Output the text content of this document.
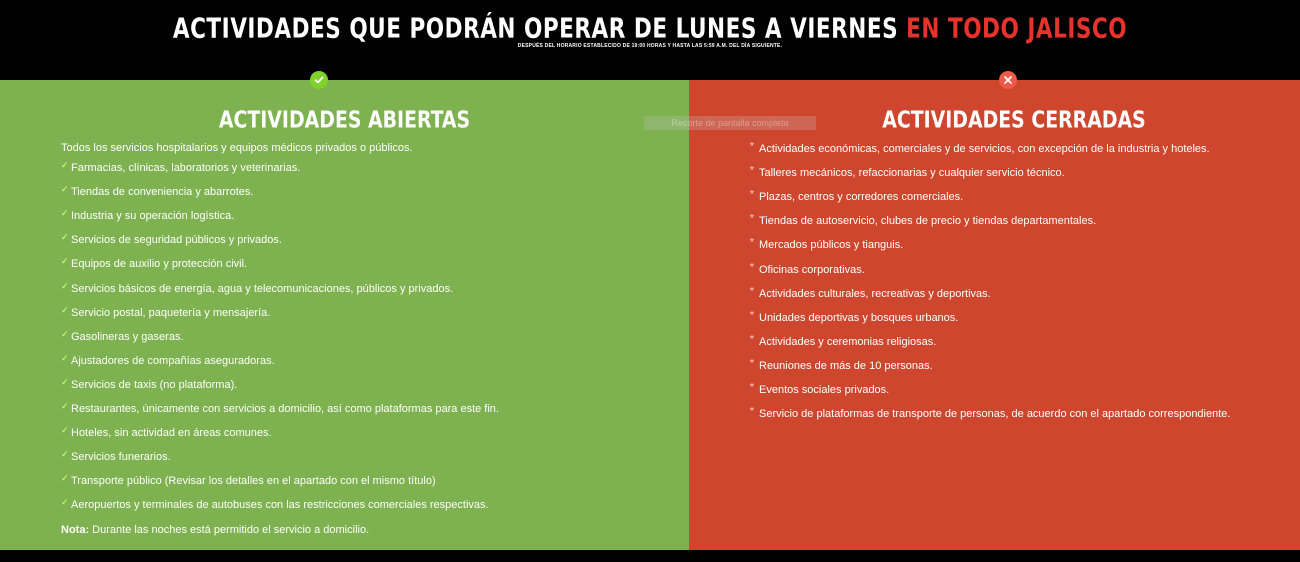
ACTIVIDADES QUE PODRÁN OPERAR DE LUNES A VIERNES EN TODO JALISCO
DESPUÉS DEL HORARIO ESTABLECIDO DE 19:00 HORAS Y HASTA LAS 5:59 A.M. DEL DÍA SIGUIENTE.
ACTIVIDADES ABIERTAS
Todos los servicios hospitalarios y equipos médicos privados o públicos.
✓ Farmacias, clínicas, laboratorios y veterinarias.
✓ Tiendas de conveniencia y abarrotes.
✓ Industria y su operación logística.
✓ Servicios de seguridad públicos y privados.
✓ Equipos de auxilio y protección civil.
✓ Servicios básicos de energía, agua y telecomunicaciones, públicos y privados.
✓ Servicio postal, paquetería y mensajería.
✓ Gasolineras y gaseras.
✓ Ajustadores de compañías aseguradoras.
✓ Servicios de taxis (no plataforma).
✓ Restaurantes, únicamente con servicios a domicilio, así como plataformas para este fin.
✓ Hoteles, sin actividad en áreas comunes.
✓ Servicios funerarios.
✓ Transporte público (Revisar los detalles en el apartado con el mismo título)
✓ Aeropuertos y terminales de autobuses con las restricciones comerciales respectivas.
Nota: Durante las noches está permitido el servicio a domicilio.
ACTIVIDADES CERRADAS
* Actividades económicas, comerciales y de servicios, con excepción de la industria y hoteles.
* Talleres mecánicos, refaccionarias y cualquier servicio técnico.
* Plazas, centros y corredores comerciales.
* Tiendas de autoservicio, clubes de precio y tiendas departamentales.
* Mercados públicos y tianguis.
* Oficinas corporativas.
* Actividades culturales, recreativas y deportivas.
* Unidades deportivas y bosques urbanos.
* Actividades y ceremonias religiosas.
* Reuniones de más de 10 personas.
* Eventos sociales privados.
* Servicio de plataformas de transporte de personas, de acuerdo con el apartado correspondiente.
Recorte de pantalla completa
